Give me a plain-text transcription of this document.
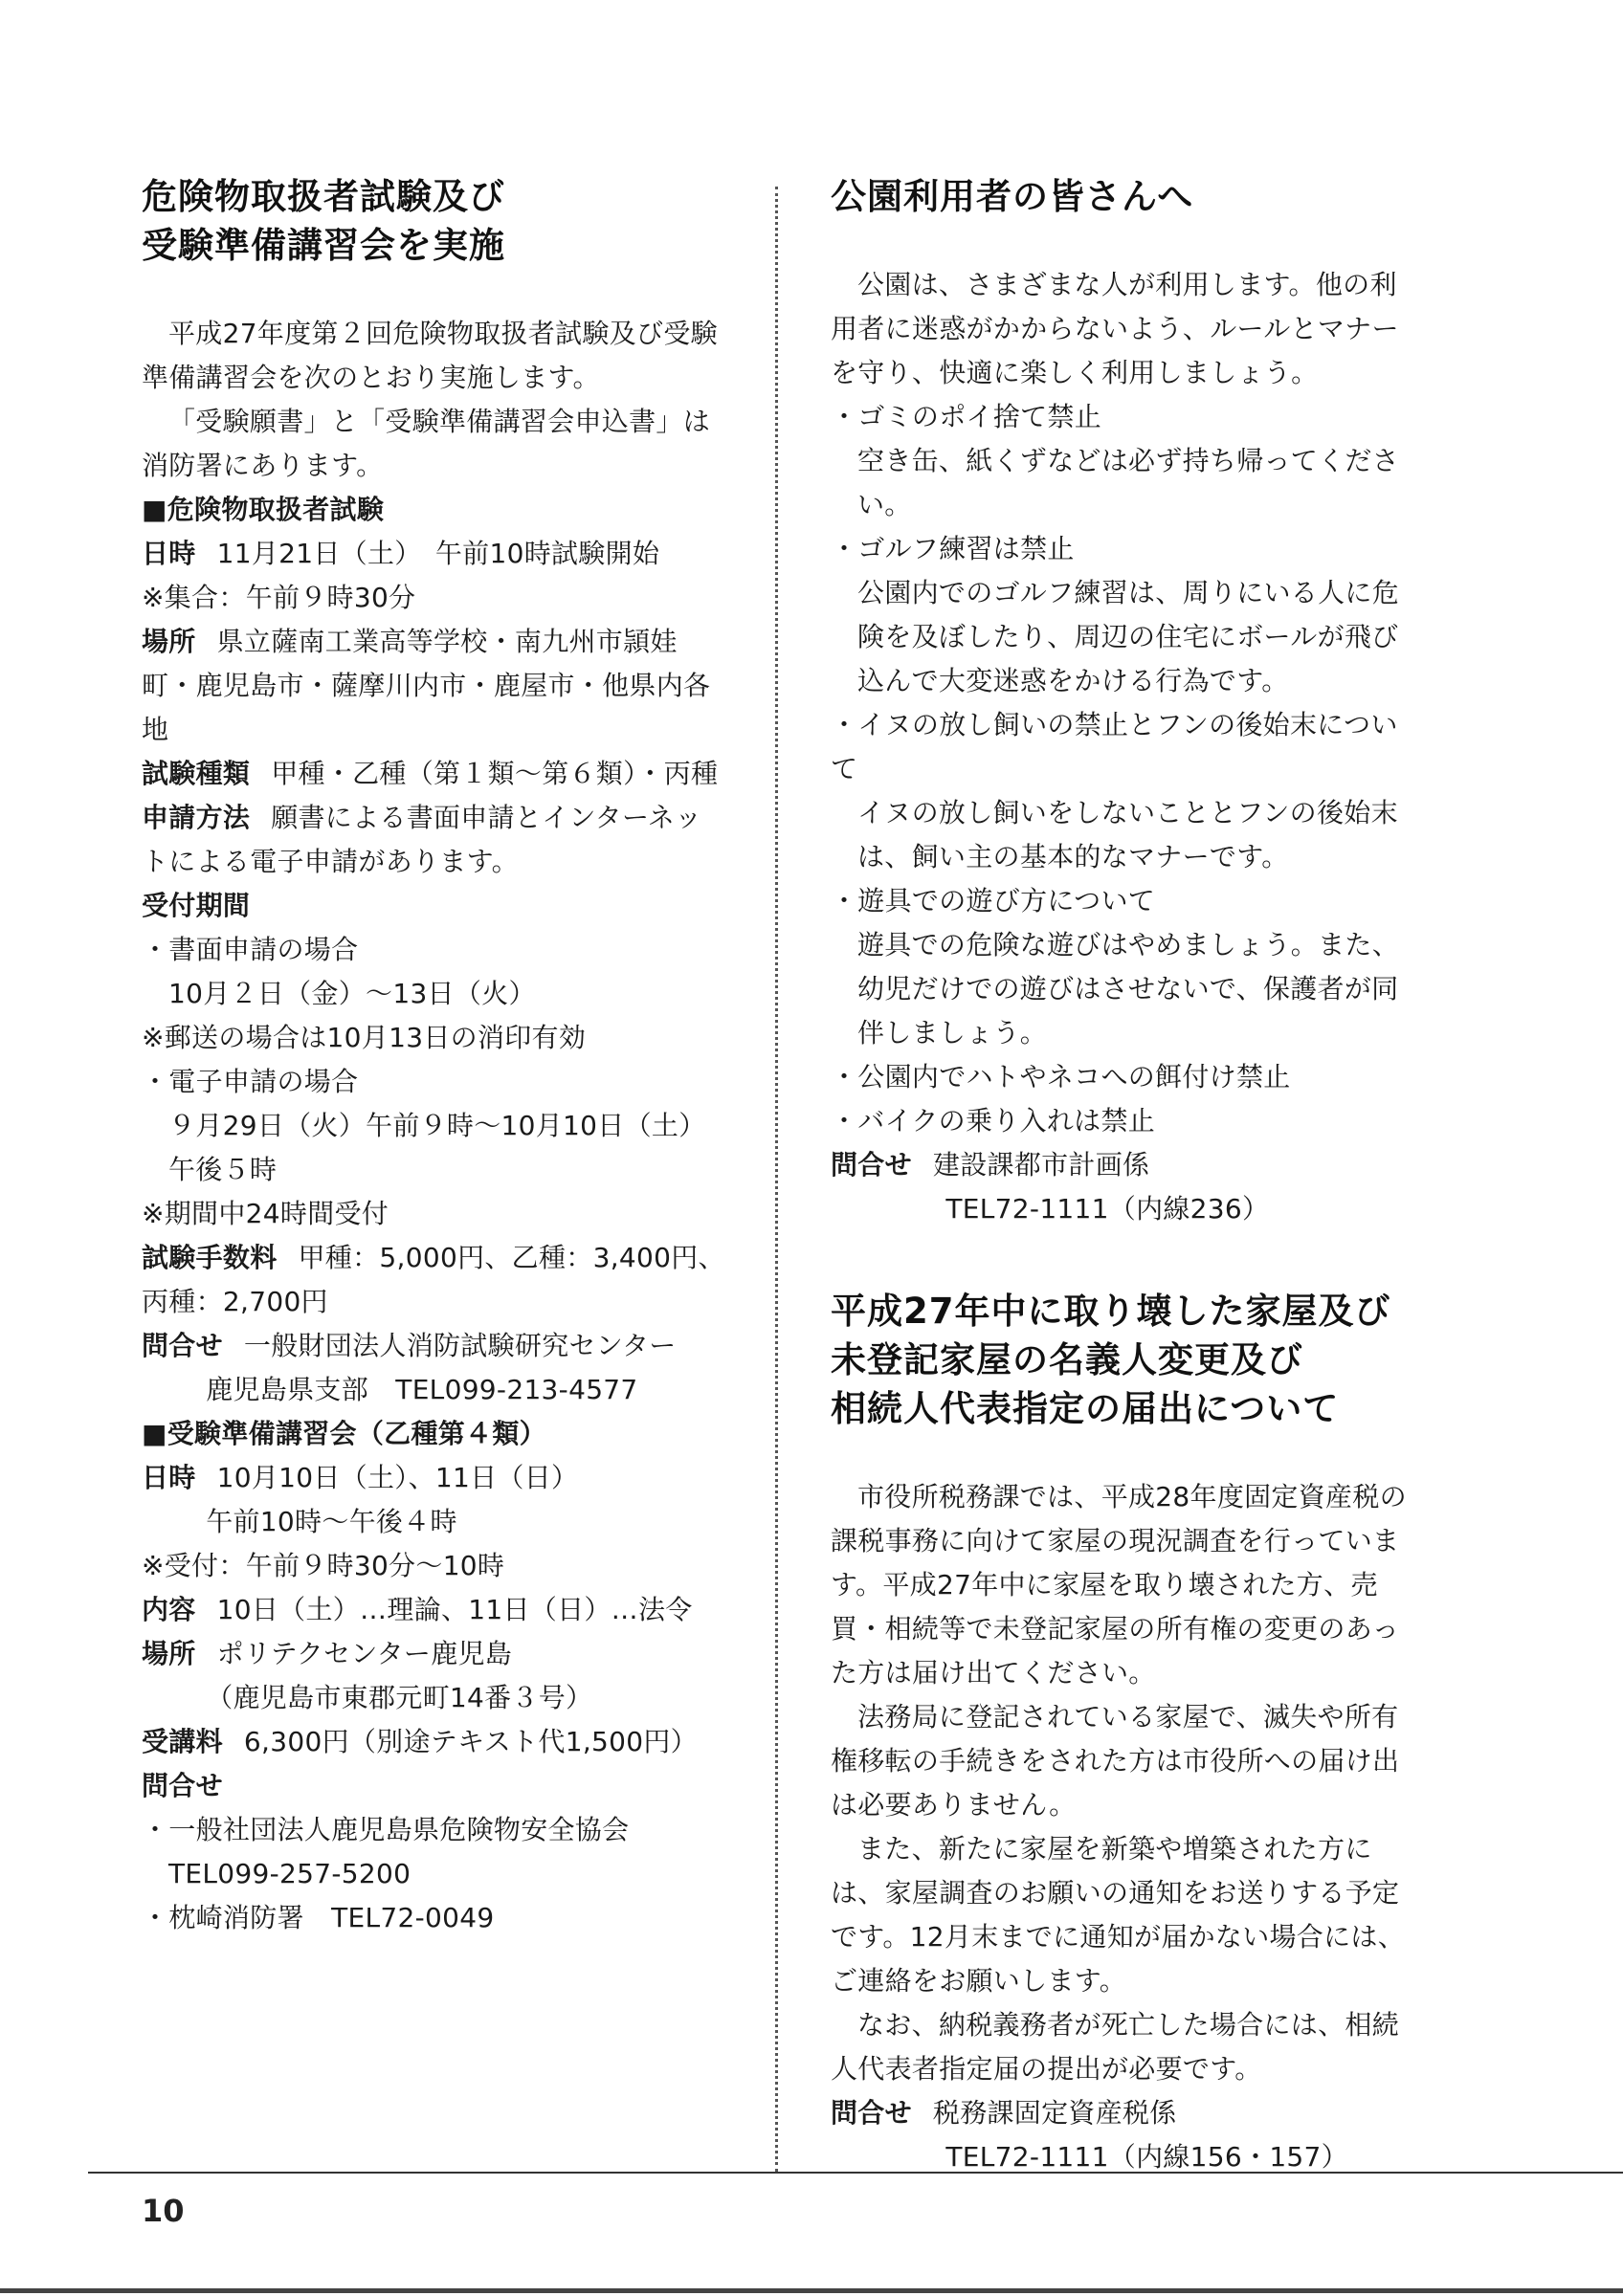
危険物取扱者試験及び
受験準備講習会を実施

平成27年度第２回危険物取扱者試験及び受験準備講習会を次のとおり実施します。

「受験願書」と「受験準備講習会申込書」は消防署にあります。

■危険物取扱者試験

日時 11月21日（土）　午前10時試験開始

※集合：午前９時30分

場所 県立薩南工業高等学校・南九州市頴娃町・鹿児島市・薩摩川内市・鹿屋市・他県内各地

試験種類 甲種・乙種（第１類～第６類）・丙種

申請方法 願書による書面申請とインターネットによる電子申請があります。

受付期間

・書面申請の場合

10月２日（金）～13日（火）

※郵送の場合は10月13日の消印有効

・電子申請の場合

９月29日（火）午前９時～10月10日（土）午後５時

※期間中24時間受付

試験手数料 甲種：5,000円、乙種：3,400円、丙種：2,700円

問合せ 一般財団法人消防試験研究センター

鹿児島県支部　TEL099-213-4577

■受験準備講習会（乙種第４類）

日時 10月10日（土）、11日（日）

午前10時～午後４時

※受付：午前９時30分～10時

内容 10日（土）…理論、11日（日）…法令

場所 ポリテクセンター鹿児島

（鹿児島市東郡元町14番３号）

受講料 6,300円（別途テキスト代1,500円）

問合せ

・一般社団法人鹿児島県危険物安全協会

TEL099-257-5200

・枕崎消防署　TEL72-0049

公園利用者の皆さんへ

公園は、さまざまな人が利用します。他の利用者に迷惑がかからないよう、ルールとマナーを守り、快適に楽しく利用しましょう。

・ゴミのポイ捨て禁止

空き缶、紙くずなどは必ず持ち帰ってください。

・ゴルフ練習は禁止

公園内でのゴルフ練習は、周りにいる人に危険を及ぼしたり、周辺の住宅にボールが飛び込んで大変迷惑をかける行為です。

・イヌの放し飼いの禁止とフンの後始末について

イヌの放し飼いをしないこととフンの後始末は、飼い主の基本的なマナーです。

・遊具での遊び方について

遊具での危険な遊びはやめましょう。また、幼児だけでの遊びはさせないで、保護者が同伴しましょう。

・公園内でハトやネコへの餌付け禁止

・バイクの乗り入れは禁止

問合せ 建設課都市計画係

TEL72-1111（内線236）

平成27年中に取り壊した家屋及び
未登記家屋の名義人変更及び
相続人代表指定の届出について

市役所税務課では、平成28年度固定資産税の課税事務に向けて家屋の現況調査を行っています。平成27年中に家屋を取り壊された方、売買・相続等で未登記家屋の所有権の変更のあった方は届け出てください。

法務局に登記されている家屋で、滅失や所有権移転の手続きをされた方は市役所への届け出は必要ありません。

また、新たに家屋を新築や増築された方には、家屋調査のお願いの通知をお送りする予定です。12月末までに通知が届かない場合には、ご連絡をお願いします。

なお、納税義務者が死亡した場合には、相続人代表者指定届の提出が必要です。

問合せ 税務課固定資産税係

TEL72-1111（内線156・157）

10
